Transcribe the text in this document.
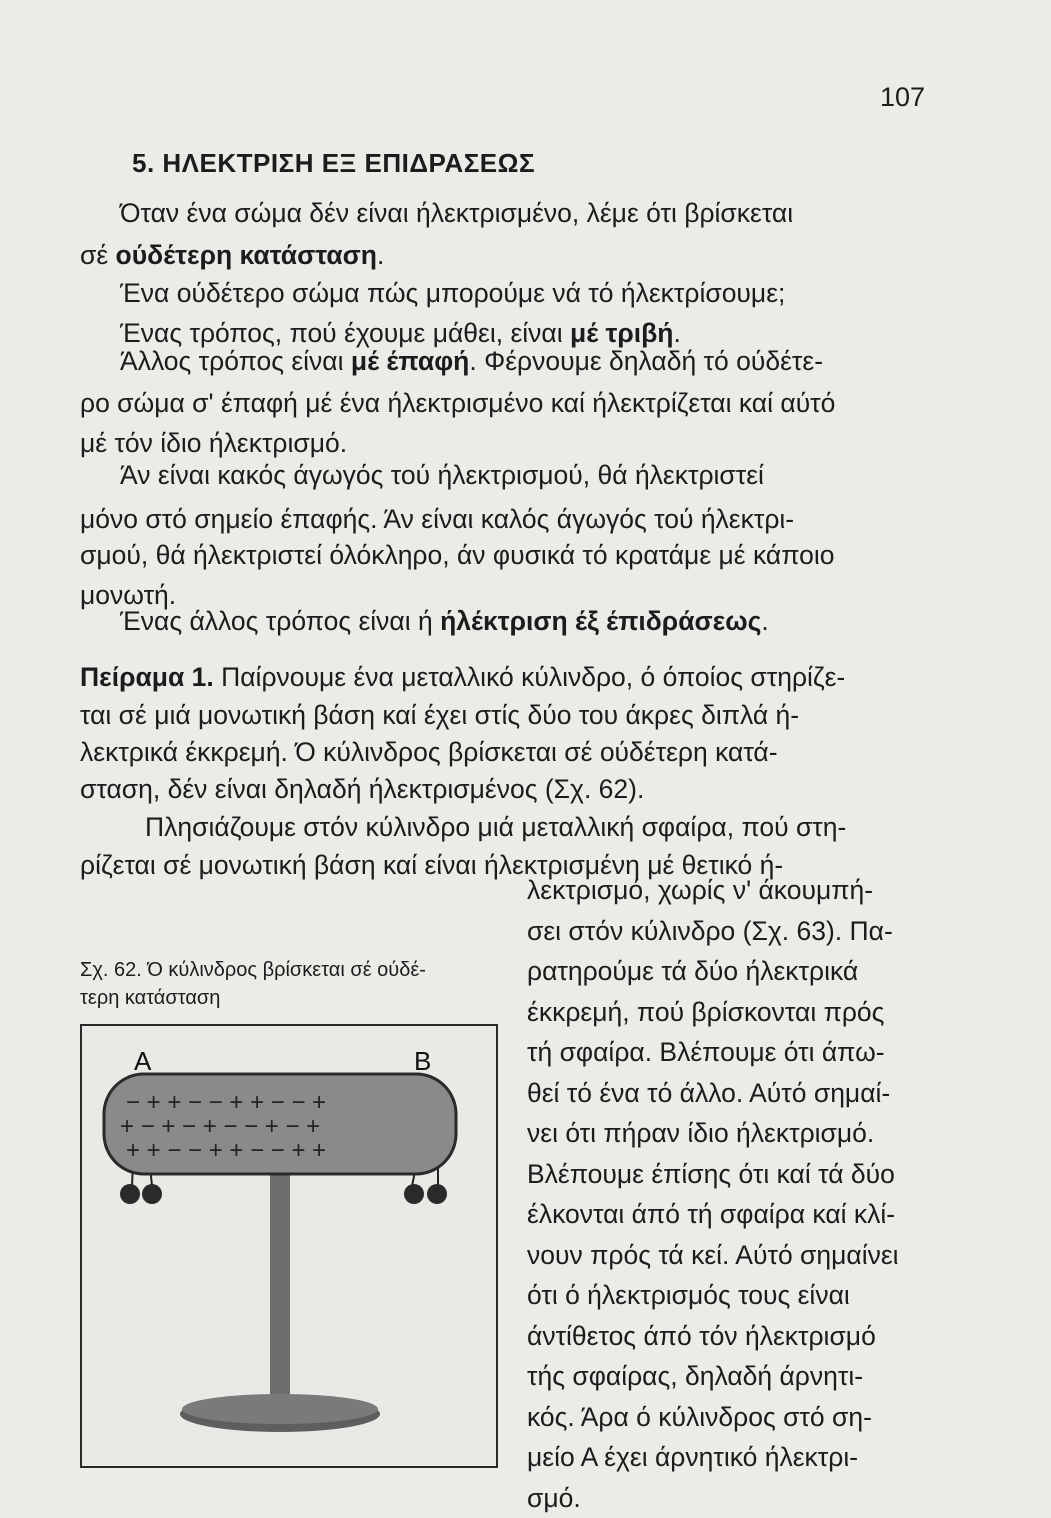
107
5. ΗΛΕΚΤΡΙΣΗ ΕΞ ΕΠΙΔΡΑΣΕΩΣ
Όταν ένα σώμα δέν είναι ήλεκτρισμένο, λέμε ότι βρίσκεται
σέ ούδέτερη κατάσταση.
Ένα ούδέτερο σώμα πώς μπορούμε νά τό ήλεκτρίσουμε;
Ένας τρόπος, πού έχουμε μάθει, είναι μέ τριβή.
Άλλος τρόπος είναι μέ έπαφή. Φέρνουμε δηλαδή τό ούδέτε-
ρο σώμα σ' έπαφή μέ ένα ήλεκτρισμένο καί ήλεκτρίζεται καί αύτό
μέ τόν ίδιο ήλεκτρισμό.
Άν είναι κακός άγωγός τού ήλεκτρισμού, θά ήλεκτριστεί
μόνο στό σημείο έπαφής. Άν είναι καλός άγωγός τού ήλεκτρι-
σμού, θά ήλεκτριστεί όλόκληρο, άν φυσικά τό κρατάμε μέ κάποιο
μονωτή.
Ένας άλλος τρόπος είναι ή ήλέκτριση έξ έπιδράσεως.
Πείραμα 1. Παίρνουμε ένα μεταλλικό κύλινδρο, ό όποίος στηρίζε-
ται σέ μιά μονωτική βάση καί έχει στίς δύο του άκρες διπλά ή-
λεκτρικά έκκρεμή. Ό κύλινδρος βρίσκεται σέ ούδέτερη κατά-
σταση, δέν είναι δηλαδή ήλεκτρισμένος (Σχ. 62).
Πλησιάζουμε στόν κύλινδρο μιά μεταλλική σφαίρα, πού στη-
ρίζεται σέ μονωτική βάση καί είναι ήλεκτρισμένη μέ θετικό ή-
λεκτρισμό, χωρίς ν' άκουμπή-
σει στόν κύλινδρο (Σχ. 63). Πα-
ρατηρούμε τά δύο ήλεκτρικά
έκκρεμή, πού βρίσκονται πρός
τή σφαίρα. Βλέπουμε ότι άπω-
θεί τό ένα τό άλλο. Αύτό σημαί-
νει ότι πήραν ίδιο ήλεκτρισμό.
Βλέπουμε έπίσης ότι καί τά δύο
έλκονται άπό τή σφαίρα καί κλί-
νουν πρός τά κεί. Αύτό σημαίνει
ότι ό ήλεκτρισμός τους είναι
άντίθετος άπό τόν ήλεκτρισμό
τής σφαίρας, δηλαδή άρνητι-
κός. Άρα ό κύλινδρος στό ση-
μείο Α έχει άρνητικό ήλεκτρι-
σμό.
Σχ. 62. Ό κύλινδρος βρίσκεται σέ ούδέ-
τερη κατάσταση
− + + − − + + − − +
+ − + − + − − + − +
+ + − − + + − − + +
Α	Β
